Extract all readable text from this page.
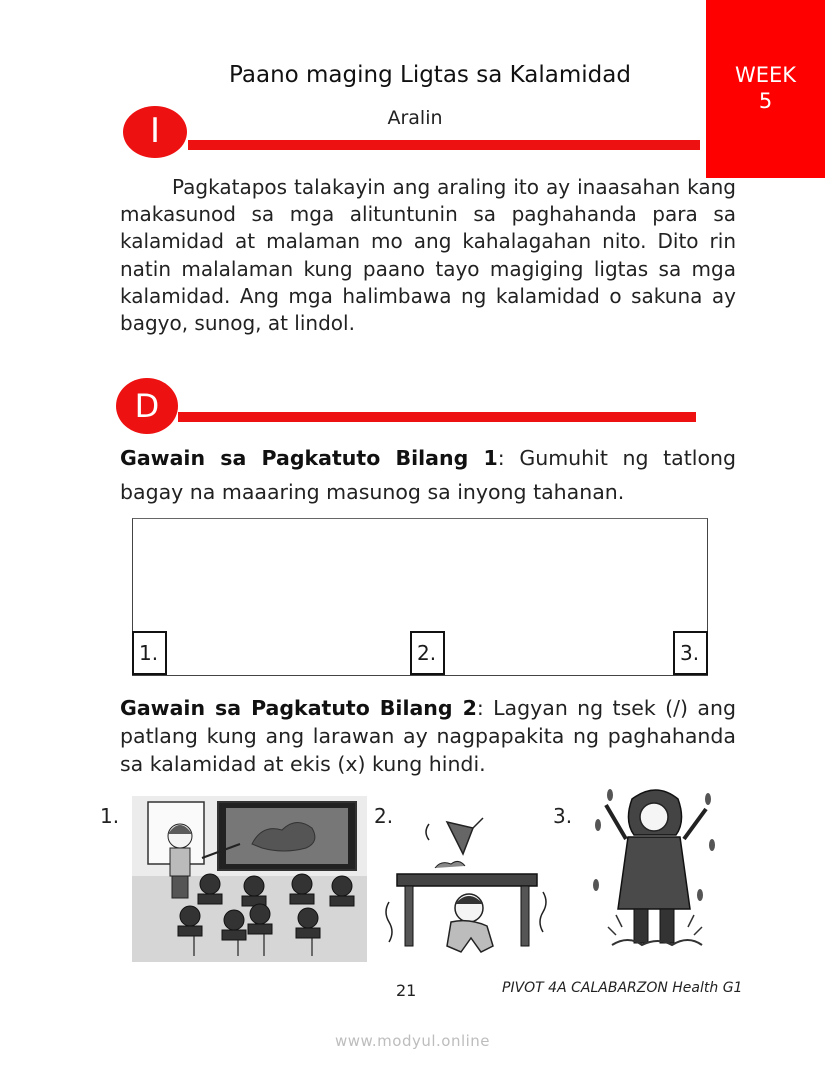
WEEK
5
Paano maging Ligtas sa Kalamidad
I	Aralin

Pagkatapos talakayin ang araling ito ay inaasahan kang makasunod sa mga alituntunin sa paghahanda para sa kalamidad at malaman mo ang kahalagahan nito. Dito rin natin malalaman kung paano tayo magiging ligtas sa mga kalamidad. Ang mga halimbawa ng kalamidad o sakuna ay bagyo, sunog, at lindol.

D

Gawain sa Pagkatuto Bilang 1: Gumuhit ng tatlong bagay na maaaring masunog sa inyong tahanan.

1.	2.	3.

Gawain sa Pagkatuto Bilang 2: Lagyan ng tsek (/) ang patlang kung ang larawan ay nagpapakita ng paghahanda sa kalamidad at ekis (x) kung hindi.

1.	2.	3.
21	PIVOT 4A CALABARZON Health G1
www.modyul.online
